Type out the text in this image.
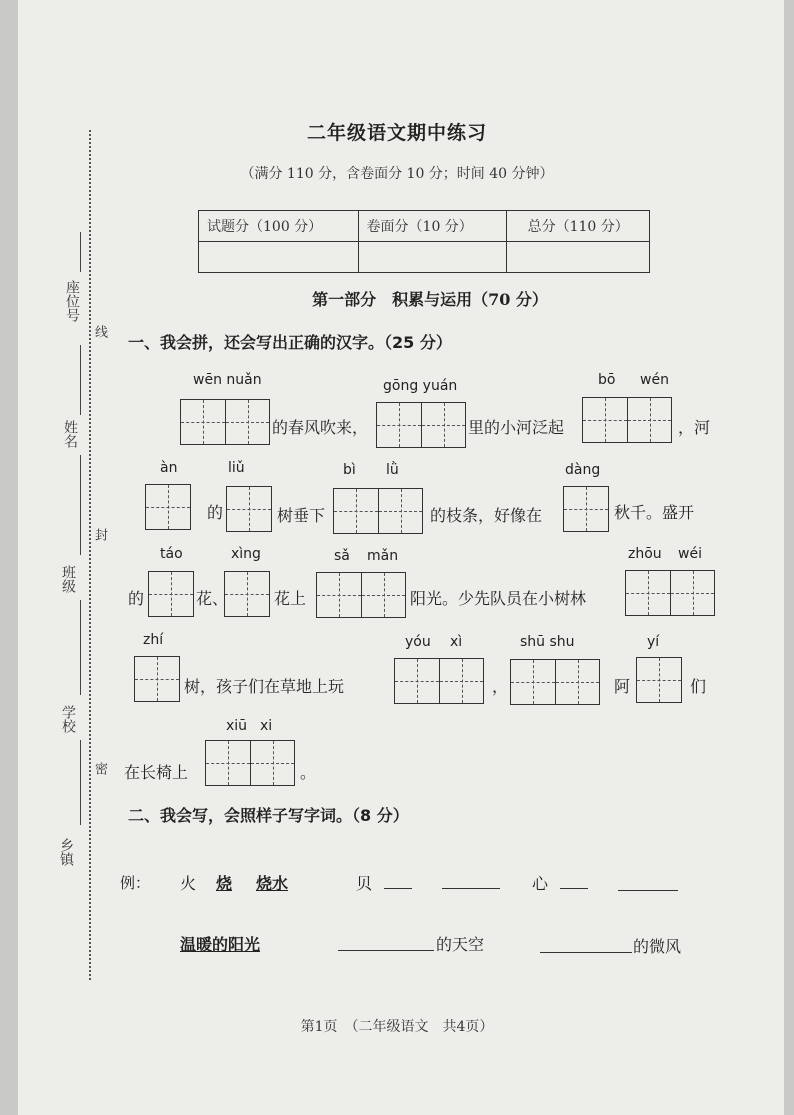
座位号
线
姓名
封
班级
学校
密
乡镇
二年级语文期中练习
（满分 110 分，含卷面分 10 分；时间 40 分钟）
试题分（100 分）	卷面分（10 分）	总分（110 分）

第一部分　积累与运用（70 分）
一、我会拼，还会写出正确的汉字。（25 分）
wēn nuǎn	gōng yuán	bō wén
的春风吹来，	里的小河泛起	，河
àn	liǔ	bì lǜ	dàng
的	树垂下	的枝条，好像在	秋千。盛开
táo	xìng	sǎ mǎn	zhōu wéi
的	花、	花上	阳光。少先队员在小树林
zhí	yóu xì	shū shu	yí
树，孩子们在草地上玩	，	阿	们
xiū xi
在长椅上	。
二、我会写，会照样子写字词。（8 分）
例： 火 烧 烧水	贝	心
温暖的阳光	的天空	的微风
第1页　（二年级语文　共4页）
